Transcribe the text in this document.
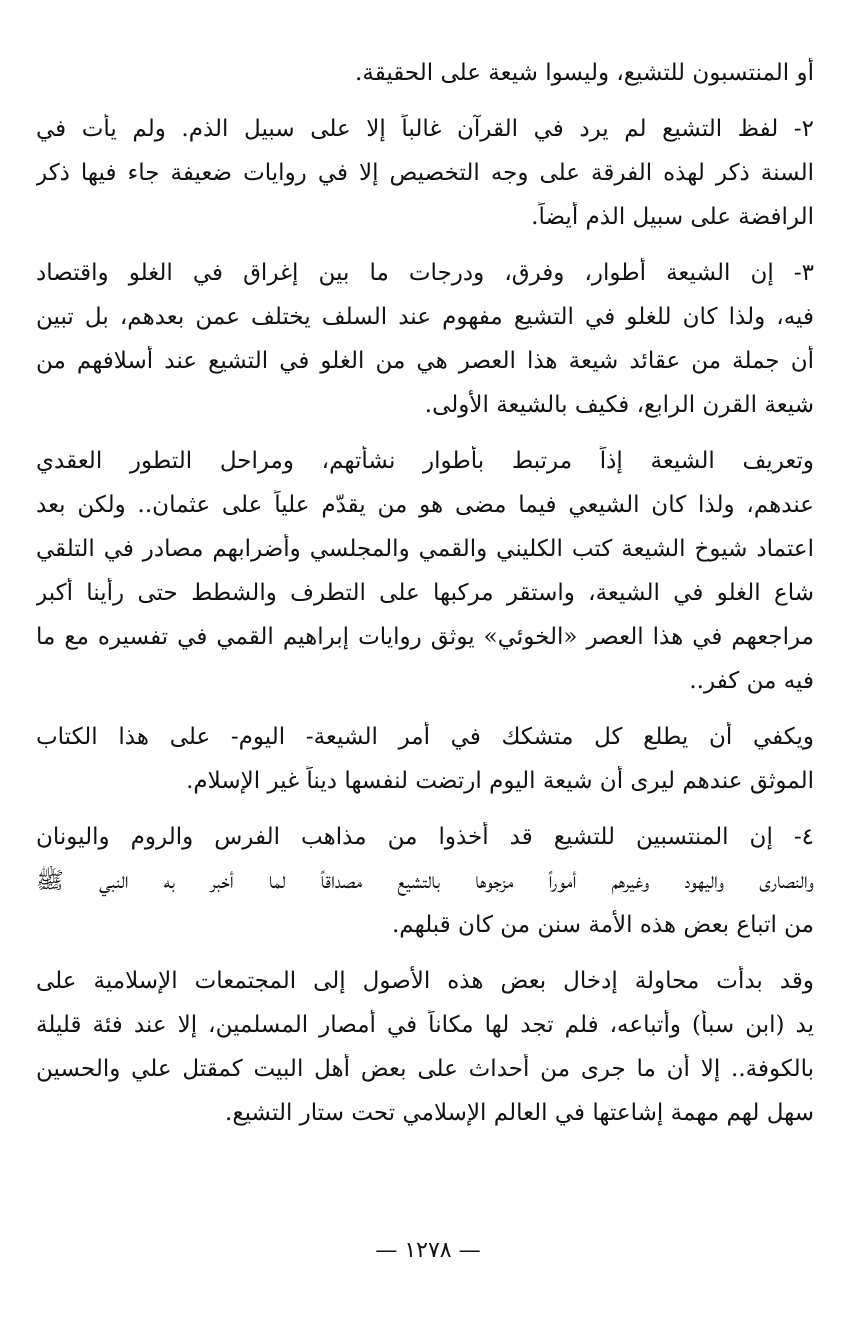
أو المنتسبون للتشيع، وليسوا شيعة على الحقيقة.

٢- لفظ التشيع لم يرد في القرآن غالباً إلا على سبيل الذم. ولم يأت في
السنة ذكر لهذه الفرقة على وجه التخصيص إلا في روايات ضعيفة جاء فيها ذكر
الرافضة على سبيل الذم أيضاً.

٣- إن الشيعة أطوار، وفرق، ودرجات ما بين إغراق في الغلو واقتصاد
فيه، ولذا كان للغلو في التشيع مفهوم عند السلف يختلف عمن بعدهم، بل تبين
أن جملة من عقائد شيعة هذا العصر هي من الغلو في التشيع عند أسلافهم من
شيعة القرن الرابع، فكيف بالشيعة الأولى.

وتعريف الشيعة إذاً مرتبط بأطوار نشأتهم، ومراحل التطور العقدي
عندهم، ولذا كان الشيعي فيما مضى هو من يقدّم علياً على عثمان.. ولكن بعد
اعتماد شيوخ الشيعة كتب الكليني والقمي والمجلسي وأضرابهم مصادر في التلقي
شاع الغلو في الشيعة، واستقر مركبها على التطرف والشطط حتى رأينا أكبر
مراجعهم في هذا العصر «الخوئي» يوثق روايات إبراهيم القمي في تفسيره مع ما
فيه من كفر..

ويكفي أن يطلع كل متشكك في أمر الشيعة- اليوم- على هذا الكتاب
الموثق عندهم ليرى أن شيعة اليوم ارتضت لنفسها ديناً غير الإسلام.

٤- إن المنتسبين للتشيع قد أخذوا من مذاهب الفرس والروم واليونان
والنصارى واليهود وغيرهم أموراً مزجوها بالتشيع مصداقاً لما أخبر به النبي ﷺ
من اتباع بعض هذه الأمة سنن من كان قبلهم.

وقد بدأت محاولة إدخال بعض هذه الأصول إلى المجتمعات الإسلامية على
يد (ابن سبأ) وأتباعه، فلم تجد لها مكاناً في أمصار المسلمين، إلا عند فئة قليلة
بالكوفة.. إلا أن ما جرى من أحداث على بعض أهل البيت كمقتل علي والحسين
سهل لهم مهمة إشاعتها في العالم الإسلامي تحت ستار التشيع.

— ١٢٧٨ —
